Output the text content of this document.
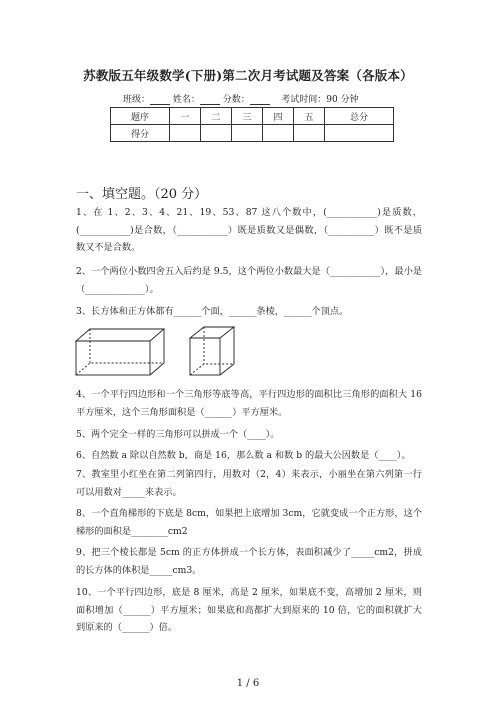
苏教版五年级数学(下册)第二次月考试题及答案（各版本）
班级：	姓名：	分数：	考试时间：90 分钟
题序	一	二	三	四	五	总分
得分						
一、填空题。（20 分）
1、在 1、2、3、4、21、19、53、87 这八个数中，(___________)是质数，(___________)是合数，（___________）既是质数又是偶数，（__________）既不是质数又不是合数。
2、一个两位小数四舍五入后约是 9.5，这个两位小数最大是（___________），最小是（_____________）。
3、长方体和正方体都有______个面，______条棱，______个顶点。
4、一个平行四边形和一个三角形等底等高，平行四边形的面积比三角形的面积大 16 平方厘米，这个三角形面积是（______）平方厘米。
5、两个完全一样的三角形可以拼成一个（____）。
6、自然数 a 除以自然数 b，商是 16，那么数 a 和数 b 的最大公因数是（____）。
7、教室里小红坐在第二列第四行，用数对（2，4）来表示，小丽坐在第六列第一行可以用数对_____来表示。
8、一个直角梯形的下底是 8cm，如果把上底增加 3cm，它就变成一个正方形，这个梯形的面积是________cm2
9、把三个棱长都是 5cm 的正方体拼成一个长方体，表面积减少了_____cm2，拼成的长方体的体积是_____cm3。
10、一个平行四边形，底是 8 厘米，高是 2 厘米，如果底不变，高增加 2 厘米，则面积增加（______）平方厘米；如果底和高都扩大到原来的 10 倍，它的面积就扩大到原来的（______）倍。
1 / 6
